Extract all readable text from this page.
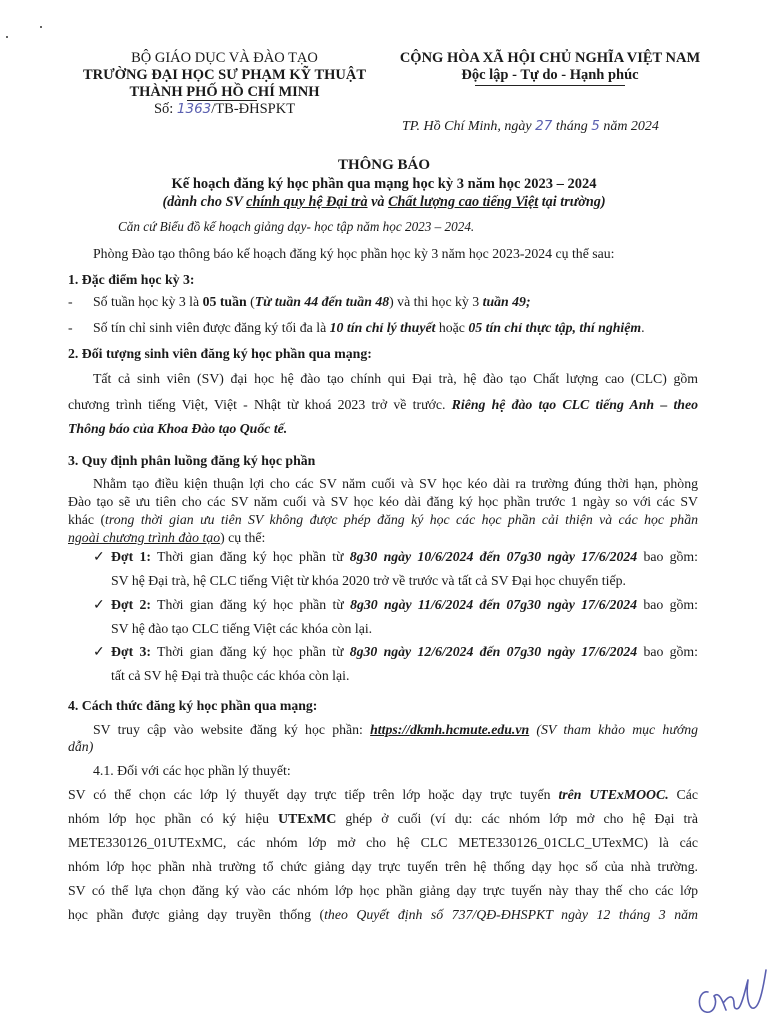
BỘ GIÁO DỤC VÀ ĐÀO TẠO
TRƯỜNG ĐẠI HỌC SƯ PHẠM KỸ THUẬT
THÀNH PHỐ HỒ CHÍ MINH
Số: 1363/TB-ĐHSPKT
CỘNG HÒA XÃ HỘI CHỦ NGHĨA VIỆT NAM
Độc lập - Tự do - Hạnh phúc
TP. Hồ Chí Minh, ngày 27 tháng 5 năm 2024
THÔNG BÁO
Kế hoạch đăng ký học phần qua mạng học kỳ 3 năm học 2023 – 2024
(dành cho SV chính quy hệ Đại trà và Chất lượng cao tiếng Việt tại trường)
Căn cứ Biểu đồ kế hoạch giảng dạy- học tập năm học 2023 – 2024.
Phòng Đào tạo thông báo kế hoạch đăng ký học phần học kỳ 3 năm học 2023-2024 cụ thể sau:
1. Đặc điểm học kỳ 3:
- Số tuần học kỳ 3 là 05 tuần (Từ tuần 44 đến tuần 48) và thi học kỳ 3 tuần 49;
- Số tín chỉ sinh viên được đăng ký tối đa là 10 tín chỉ lý thuyết hoặc 05 tín chỉ thực tập, thí nghiệm.
2. Đối tượng sinh viên đăng ký học phần qua mạng:
Tất cả sinh viên (SV) đại học hệ đào tạo chính qui Đại trà, hệ đào tạo Chất lượng cao (CLC) gồm
chương trình tiếng Việt, Việt - Nhật từ khoá 2023 trở về trước. Riêng hệ đào tạo CLC tiếng Anh – theo
Thông báo của Khoa Đào tạo Quốc tế.
3. Quy định phân luồng đăng ký học phần
Nhằm tạo điều kiện thuận lợi cho các SV năm cuối và SV học kéo dài ra trường đúng thời hạn, phòng
Đào tạo sẽ ưu tiên cho các SV năm cuối và SV học kéo dài đăng ký học phần trước 1 ngày so với các SV
khác (trong thời gian ưu tiên SV không được phép đăng ký học các học phần cải thiện và các học phần
ngoài chương trình đào tạo) cụ thể:
✓ Đợt 1: Thời gian đăng ký học phần từ 8g30 ngày 10/6/2024 đến 07g30 ngày 17/6/2024 bao gồm:
SV hệ Đại trà, hệ CLC tiếng Việt từ khóa 2020 trở về trước và tất cả SV Đại học chuyển tiếp.
✓ Đợt 2: Thời gian đăng ký học phần từ 8g30 ngày 11/6/2024 đến 07g30 ngày 17/6/2024 bao gồm:
SV hệ đào tạo CLC tiếng Việt các khóa còn lại.
✓ Đợt 3: Thời gian đăng ký học phần từ 8g30 ngày 12/6/2024 đến 07g30 ngày 17/6/2024 bao gồm:
tất cả SV hệ Đại trà thuộc các khóa còn lại.
4. Cách thức đăng ký học phần qua mạng:
SV truy cập vào website đăng ký học phần: https://dkmh.hcmute.edu.vn (SV tham khảo mục hướng
dẫn)
4.1. Đối với các học phần lý thuyết:
SV có thể chọn các lớp lý thuyết dạy trực tiếp trên lớp hoặc dạy trực tuyến trên UTExMOOC. Các
nhóm lớp học phần có ký hiệu UTExMC ghép ở cuối (ví dụ: các nhóm lớp mở cho hệ Đại trà
METE330126_01UTExMC, các nhóm lớp mở cho hệ CLC METE330126_01CLC_UTexMC) là các
nhóm lớp học phần nhà trường tổ chức giảng dạy trực tuyến trên hệ thống dạy học số của nhà trường.
SV có thể lựa chọn đăng ký vào các nhóm lớp học phần giảng dạy trực tuyến này thay thế cho các lớp
học phần được giảng dạy truyền thống (theo Quyết định số 737/QĐ-ĐHSPKT ngày 12 tháng 3 năm
